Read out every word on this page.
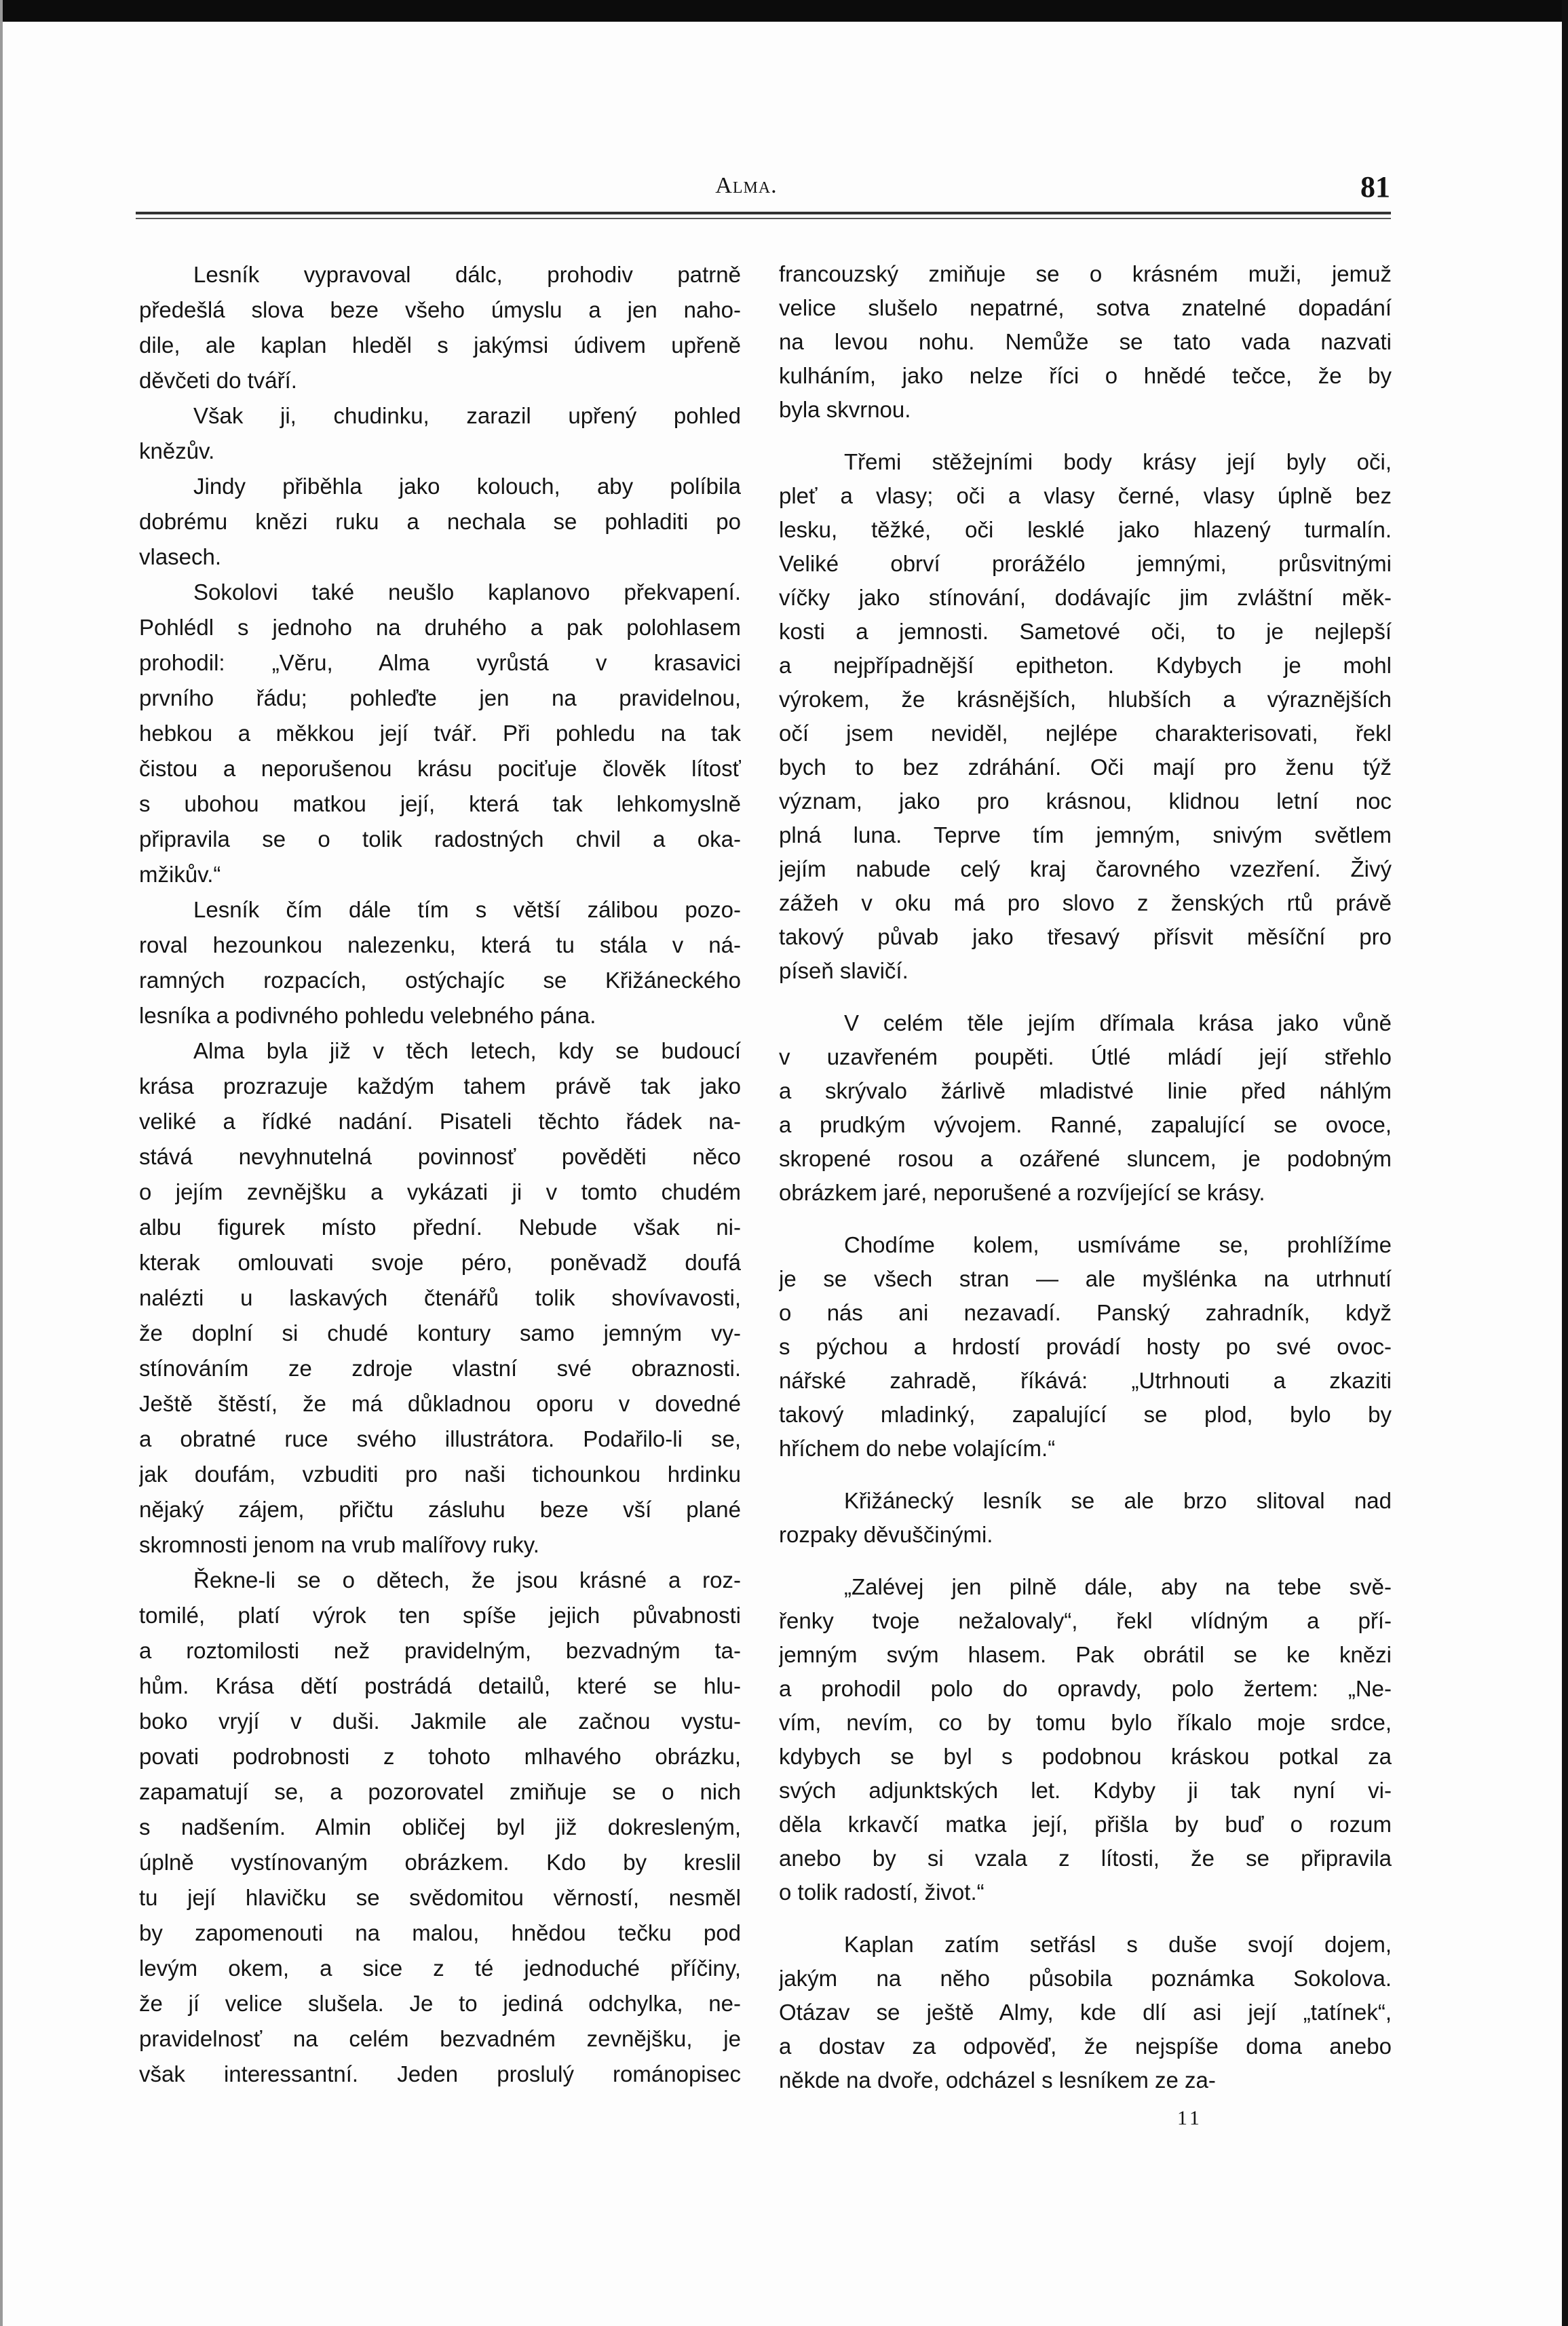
Alma.	81
Lesník vypravoval dálc, prohodiv patrně
předešlá slova beze všeho úmyslu a jen naho-
dile, ale kaplan hleděl s jakýmsi údivem upřeně
děvčeti do tváří.
Však ji, chudinku, zarazil upřený pohled
knězův.
Jindy přiběhla jako kolouch, aby políbila
dobrému knězi ruku a nechala se pohladiti po
vlasech.
Sokolovi také neušlo kaplanovo překvapení.
Pohlédl s jednoho na druhého a pak polohlasem
prohodil: „Věru, Alma vyrůstá v krasavici
prvního řádu; pohleďte jen na pravidelnou,
hebkou a měkkou její tvář. Při pohledu na tak
čistou a neporušenou krásu pociťuje člověk lítosť
s ubohou matkou její, která tak lehkomyslně
připravila se o tolik radostných chvil a oka-
mžikův.“
Lesník čím dále tím s větší zálibou pozo-
roval hezounkou nalezenku, která tu stála v ná-
ramných rozpacích, ostýchajíc se Křižáneckého
lesníka a podivného pohledu velebného pána.
Alma byla již v těch letech, kdy se budoucí
krása prozrazuje každým tahem právě tak jako
veliké a řídké nadání. Pisateli těchto řádek na-
stává nevyhnutelná povinnosť pověděti něco
o jejím zevnějšku a vykázati ji v tomto chudém
albu figurek místo přední. Nebude však ni-
kterak omlouvati svoje péro, poněvadž doufá
nalézti u laskavých čtenářů tolik shovívavosti,
že doplní si chudé kontury samo jemným vy-
stínováním ze zdroje vlastní své obraznosti.
Ještě štěstí, že má důkladnou oporu v dovedné
a obratné ruce svého illustrátora. Podařilo-li se,
jak doufám, vzbuditi pro naši tichounkou hrdinku
nějaký zájem, přičtu zásluhu beze vší plané
skromnosti jenom na vrub malířovy ruky.
Řekne-li se o dětech, že jsou krásné a roz-
tomilé, platí výrok ten spíše jejich půvabnosti
a roztomilosti než pravidelným, bezvadným ta-
hům. Krása dětí postrádá detailů, které se hlu-
boko vryjí v duši. Jakmile ale začnou vystu-
povati podrobnosti z tohoto mlhavého obrázku,
zapamatují se, a pozorovatel zmiňuje se o nich
s nadšením. Almin obličej byl již dokresleným,
úplně vystínovaným obrázkem. Kdo by kreslil
tu její hlavičku se svědomitou věrností, nesměl
by zapomenouti na malou, hnědou tečku pod
levým okem, a sice z té jednoduché příčiny,
že jí velice slušela. Je to jediná odchylka, ne-
pravidelnosť na celém bezvadném zevnějšku, je
však interessantní. Jeden proslulý románopisec
francouzský zmiňuje se o krásném muži, jemuž
velice slušelo nepatrné, sotva znatelné dopadání
na levou nohu. Nemůže se tato vada nazvati
kulháním, jako nelze říci o hnědé tečce, že by
byla skvrnou.
Třemi stěžejními body krásy její byly oči,
pleť a vlasy; oči a vlasy černé, vlasy úplně bez
lesku, těžké, oči lesklé jako hlazený turmalín.
Veliké obrví prorážélo jemnými, průsvitnými
víčky jako stínování, dodávajíc jim zvláštní měk-
kosti a jemnosti. Sametové oči, to je nejlepší
a nejpřípadnější epitheton. Kdybych je mohl
výrokem, že krásnějších, hlubších a výraznějších
očí jsem neviděl, nejlépe charakterisovati, řekl
bych to bez zdráhání. Oči mají pro ženu týž
význam, jako pro krásnou, klidnou letní noc
plná luna. Teprve tím jemným, snivým světlem
jejím nabude celý kraj čarovného vzezření. Živý
zážeh v oku má pro slovo z ženských rtů právě
takový půvab jako třesavý přísvit měsíční pro
píseň slavičí.
V celém těle jejím dřímala krása jako vůně
v uzavřeném poupěti. Útlé mládí její střehlo
a skrývalo žárlivě mladistvé linie před náhlým
a prudkým vývojem. Ranné, zapalující se ovoce,
skropené rosou a ozářené sluncem, je podobným
obrázkem jaré, neporušené a rozvíjející se krásy.
Chodíme kolem, usmíváme se, prohlížíme
je se všech stran — ale myšlénka na utrhnutí
o nás ani nezavadí. Panský zahradník, když
s pýchou a hrdostí provádí hosty po své ovoc-
nářské zahradě, říkává: „Utrhnouti a zkaziti
takový mladinký, zapalující se plod, bylo by
hříchem do nebe volajícím.“
Křižánecký lesník se ale brzo slitoval nad
rozpaky děvuščinými.
„Zalévej jen pilně dále, aby na tebe svě-
řenky tvoje nežalovaly“, řekl vlídným a pří-
jemným svým hlasem. Pak obrátil se ke knězi
a prohodil polo do opravdy, polo žertem: „Ne-
vím, nevím, co by tomu bylo říkalo moje srdce,
kdybych se byl s podobnou kráskou potkal za
svých adjunktských let. Kdyby ji tak nyní vi-
děla krkavčí matka její, přišla by buď o rozum
anebo by si vzala z lítosti, že se připravila
o tolik radostí, život.“
Kaplan zatím setřásl s duše svojí dojem,
jakým na něho působila poznámka Sokolova.
Otázav se ještě Almy, kde dlí asi její „tatínek“,
a dostav za odpověď, že nejspíše doma anebo
někde na dvoře, odcházel s lesníkem ze za-
11
